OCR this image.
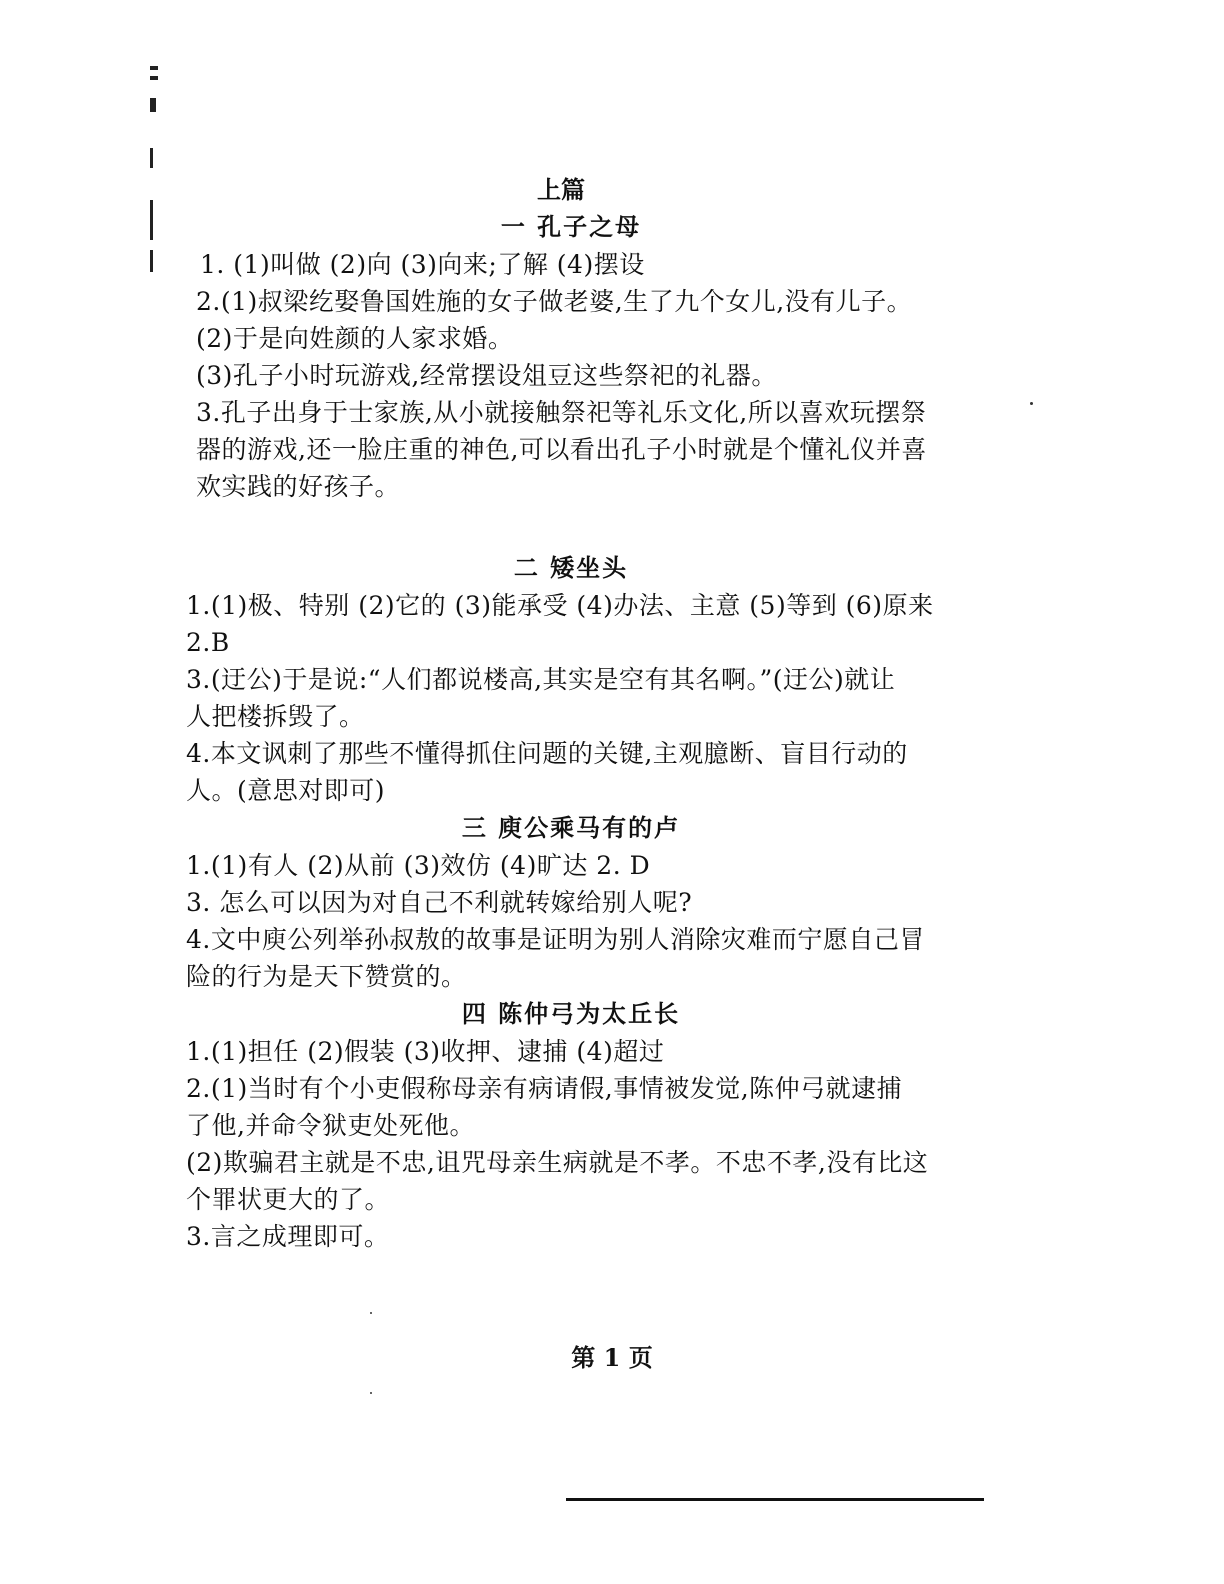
上篇
一 孔子之母
1. (1)叫做 (2)向 (3)向来;了解 (4)摆设
2.(1)叔梁纥娶鲁国姓施的女子做老婆,生了九个女儿,没有儿子。
(2)于是向姓颜的人家求婚。
(3)孔子小时玩游戏,经常摆设俎豆这些祭祀的礼器。
3.孔子出身于士家族,从小就接触祭祀等礼乐文化,所以喜欢玩摆祭
器的游戏,还一脸庄重的神色,可以看出孔子小时就是个懂礼仪并喜
欢实践的好孩子。
二 矮坐头
1.(1)极、特别 (2)它的 (3)能承受 (4)办法、主意 (5)等到 (6)原来
2.B
3.(迂公)于是说:“人们都说楼高,其实是空有其名啊。”(迂公)就让
人把楼拆毁了。
4.本文讽刺了那些不懂得抓住问题的关键,主观臆断、盲目行动的
人。(意思对即可)
三 庾公乘马有的卢
1.(1)有人 (2)从前 (3)效仿 (4)旷达 2. D
3. 怎么可以因为对自己不利就转嫁给别人呢?
4.文中庾公列举孙叔敖的故事是证明为别人消除灾难而宁愿自己冒
险的行为是天下赞赏的。
四 陈仲弓为太丘长
1.(1)担任 (2)假装 (3)收押、逮捕 (4)超过
2.(1)当时有个小吏假称母亲有病请假,事情被发觉,陈仲弓就逮捕
了他,并命令狱吏处死他。
(2)欺骗君主就是不忠,诅咒母亲生病就是不孝。不忠不孝,没有比这
个罪状更大的了。
3.言之成理即可。
第 1 页
